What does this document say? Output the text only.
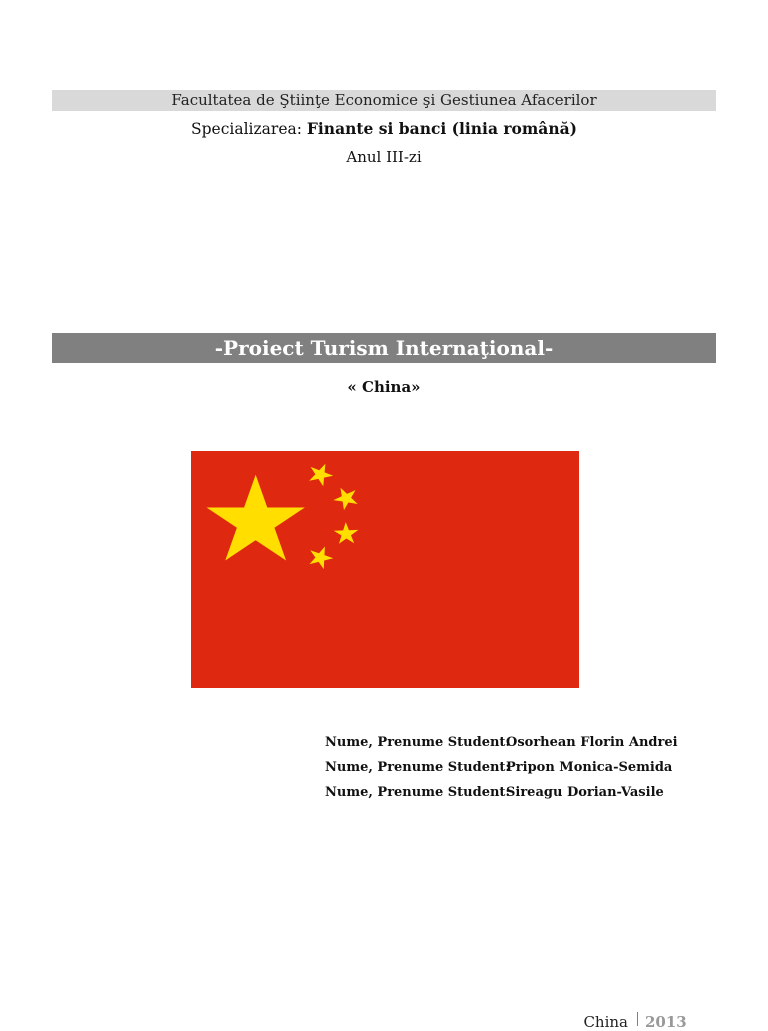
Facultatea de Ştiinţe Economice şi Gestiunea Afacerilor
Specializarea: Finante si banci (linia română)
Anul III-zi
-Proiect Turism Internaţional-
« China»
Nume, Prenume Student:
Osorhean Florin Andrei
Nume, Prenume Student:
Pripon Monica-Semida
Nume, Prenume Student:
Sireagu Dorian-Vasile
China 2013
